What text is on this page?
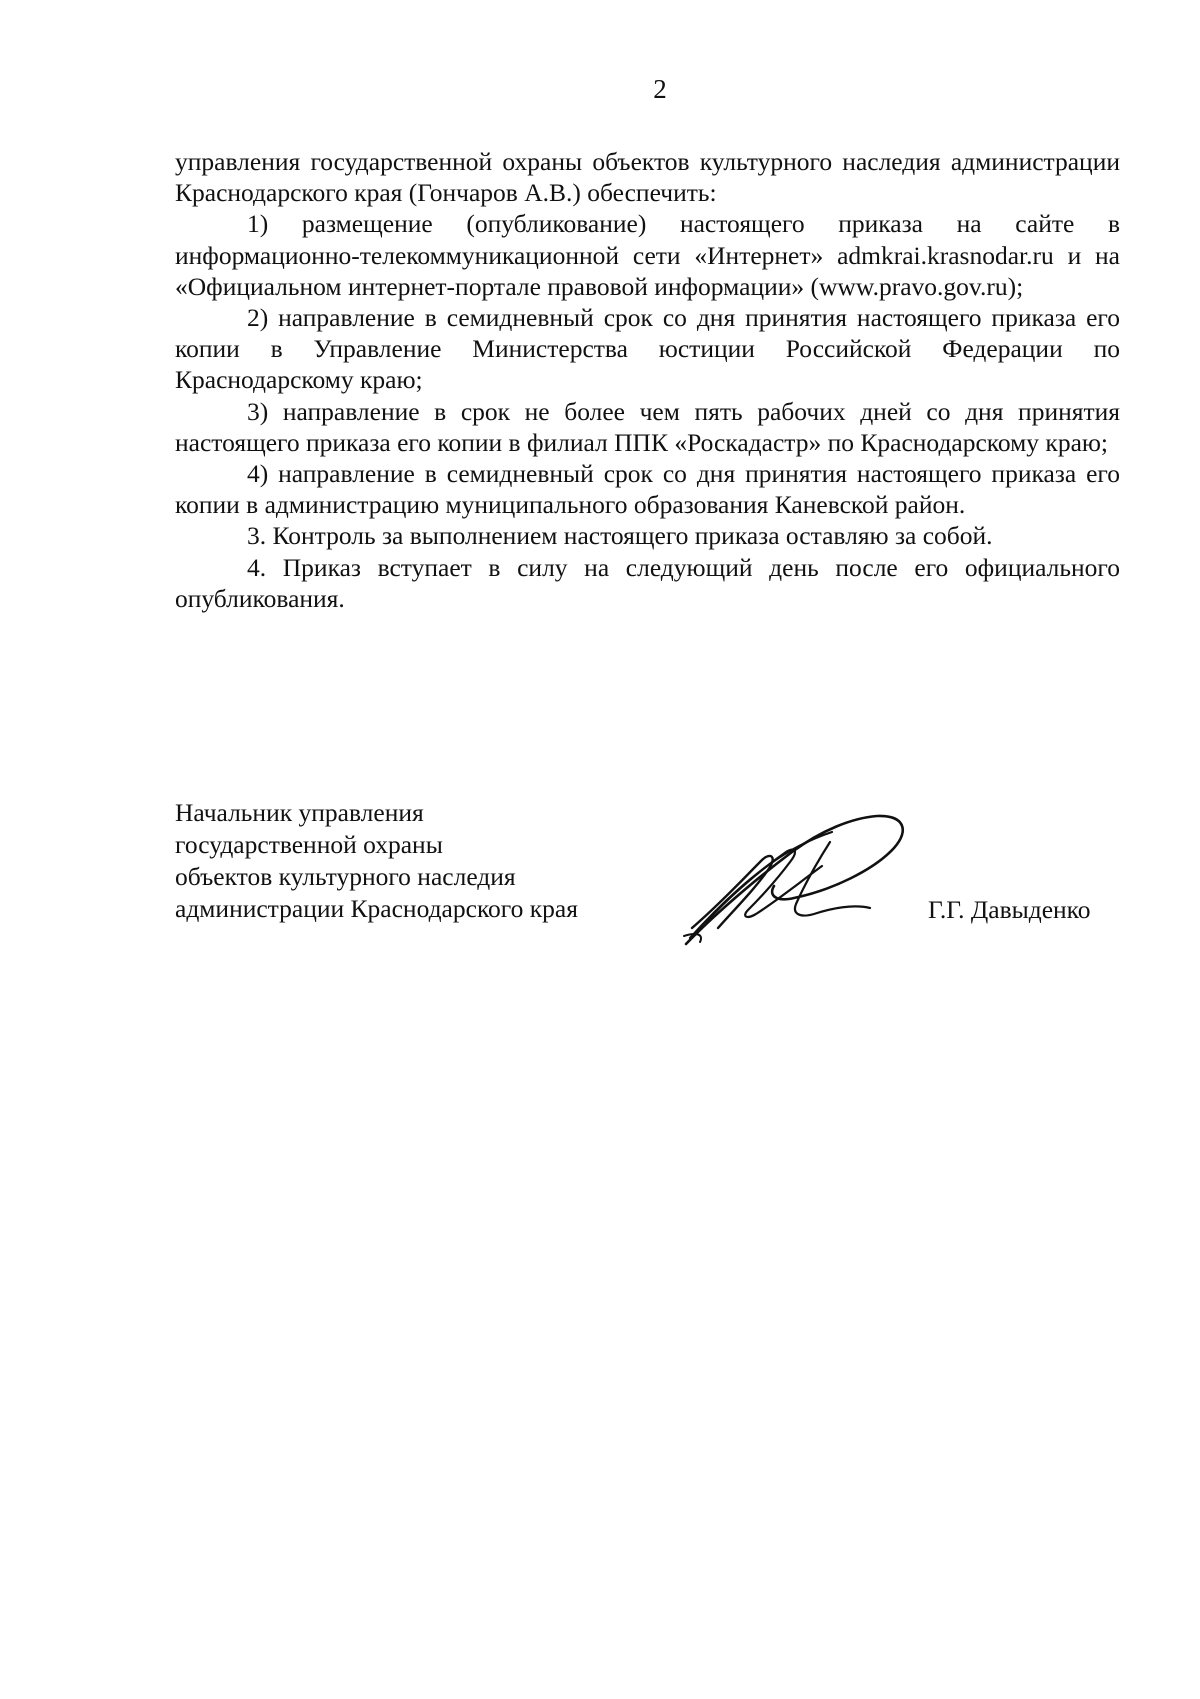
2

управления государственной охраны объектов культурного наследия администрации Краснодарского края (Гончаров А.В.) обеспечить:

1) размещение (опубликование) настоящего приказа на сайте в информационно-телекоммуникационной сети «Интернет» admkrai.krasnodar.ru и на «Официальном интернет-портале правовой информации» (www.pravo.gov.ru);

2) направление в семидневный срок со дня принятия настоящего приказа его копии в Управление Министерства юстиции Российской Федерации по Краснодарскому краю;

3) направление в срок не более чем пять рабочих дней со дня принятия настоящего приказа его копии в филиал ППК «Роскадастр» по Краснодарскому краю;

4) направление в семидневный срок со дня принятия настоящего приказа его копии в администрацию муниципального образования Каневской район.

3. Контроль за выполнением настоящего приказа оставляю за собой.

4. Приказ вступает в силу на следующий день после его официального опубликования.

Начальник управления
государственной охраны
объектов культурного наследия
администрации Краснодарского края	Г.Г. Давыденко
